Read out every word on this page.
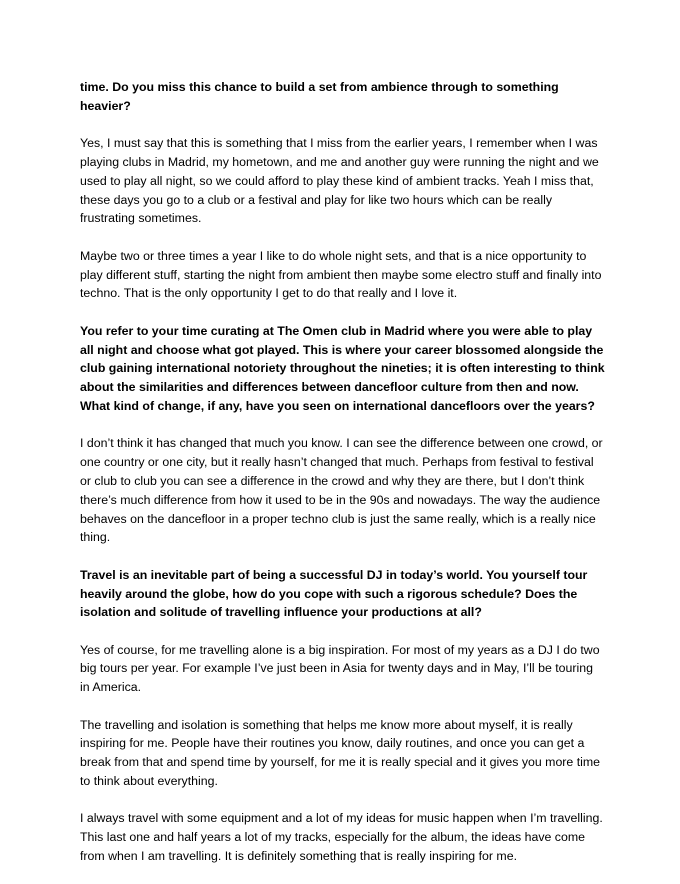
time. Do you miss this chance to build a set from ambience through to something heavier?

Yes, I must say that this is something that I miss from the earlier years, I remember when I was playing clubs in Madrid, my hometown, and me and another guy were running the night and we used to play all night, so we could afford to play these kind of ambient tracks. Yeah I miss that, these days you go to a club or a festival and play for like two hours which can be really frustrating sometimes.

Maybe two or three times a year I like to do whole night sets, and that is a nice opportunity to play different stuff, starting the night from ambient then maybe some electro stuff and finally into techno. That is the only opportunity I get to do that really and I love it.

You refer to your time curating at The Omen club in Madrid where you were able to play all night and choose what got played. This is where your career blossomed alongside the club gaining international notoriety throughout the nineties; it is often interesting to think about the similarities and differences between dancefloor culture from then and now. What kind of change, if any, have you seen on international dancefloors over the years?

I don’t think it has changed that much you know. I can see the difference between one crowd, or one country or one city, but it really hasn’t changed that much. Perhaps from festival to festival or club to club you can see a difference in the crowd and why they are there, but I don’t think there’s much difference from how it used to be in the 90s and nowadays. The way the audience behaves on the dancefloor in a proper techno club is just the same really, which is a really nice thing.

Travel is an inevitable part of being a successful DJ in today’s world. You yourself tour heavily around the globe, how do you cope with such a rigorous schedule? Does the isolation and solitude of travelling influence your productions at all?

Yes of course, for me travelling alone is a big inspiration. For most of my years as a DJ I do two big tours per year. For example I’ve just been in Asia for twenty days and in May, I’ll be touring in America.

The travelling and isolation is something that helps me know more about myself, it is really inspiring for me. People have their routines you know, daily routines, and once you can get a break from that and spend time by yourself, for me it is really special and it gives you more time to think about everything.

I always travel with some equipment and a lot of my ideas for music happen when I’m travelling. This last one and half years a lot of my tracks, especially for the album, the ideas have come from when I am travelling. It is definitely something that is really inspiring for me.
